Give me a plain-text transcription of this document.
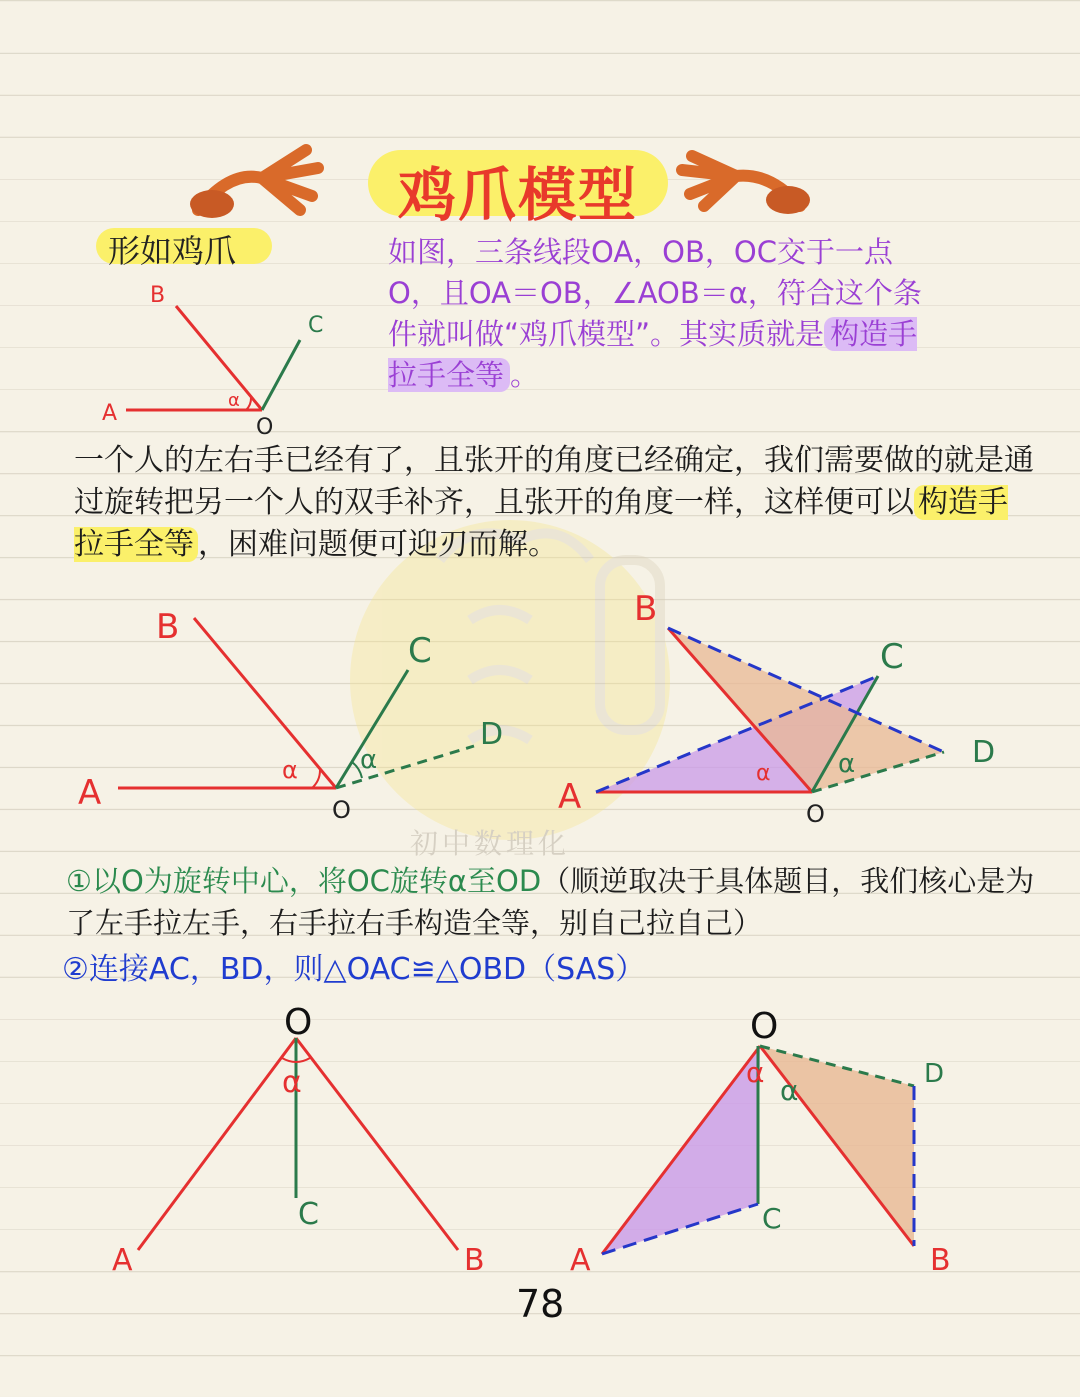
鸡爪模型
形如鸡爪	如图，三条线段OA，OB，OC交于一点O，且OA＝OB，∠AOB＝α，符合这个条件就叫做“鸡爪模型”。其实质就是 构造手拉手全等 。
一个人的左右手已经有了，且张开的角度已经确定，我们需要做的就是通过旋转把另一个人的双手补齐，且张开的角度一样，这样便可以 构造手拉手全等 ，困难问题便可迎刃而解。
初中数理化
①以O为旋转中心，将OC旋转α至OD（顺逆取决于具体题目，我们核心是为了左手拉左手，右手拉右手构造全等，别自己拉自己）
②连接AC，BD，则△OAC≌△OBD（SAS）
78
B
C
A
O
α
B
C
D
A	O
α α
B
C
D
A	O
α	α
O
α
C
A	B
O
α
α	D
C
A	B
